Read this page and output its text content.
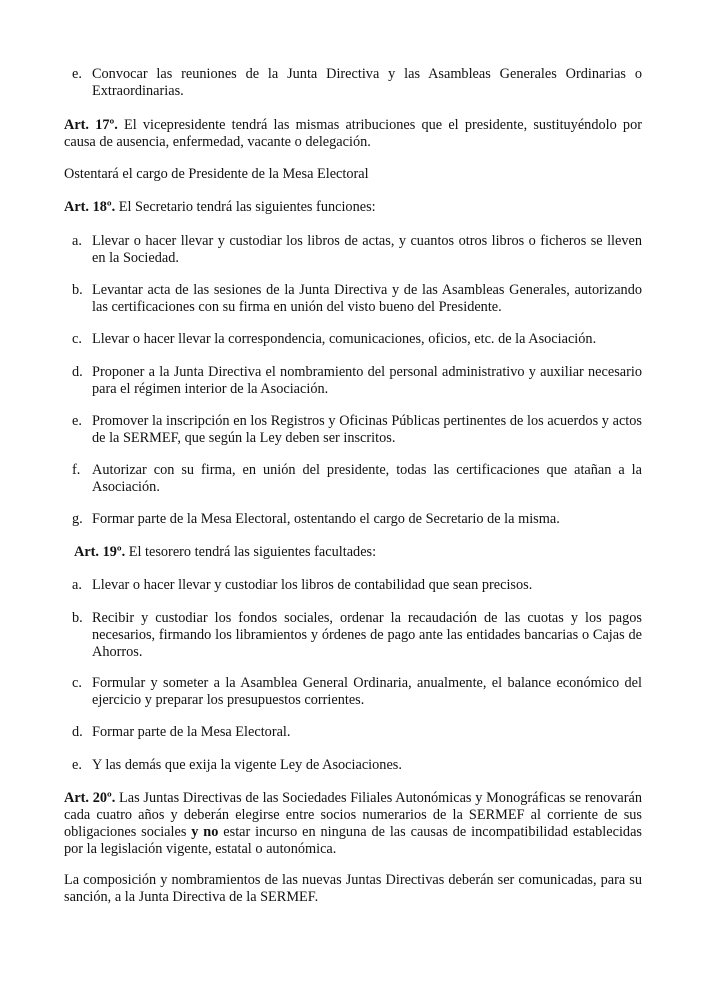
e. Convocar las reuniones de la Junta Directiva y las Asambleas Generales Ordinarias o Extraordinarias.

Art. 17º. El vicepresidente tendrá las mismas atribuciones que el presidente, sustituyéndolo por causa de ausencia, enfermedad, vacante o delegación.

Ostentará el cargo de Presidente de la Mesa Electoral

Art. 18º. El Secretario tendrá las siguientes funciones:

a. Llevar o hacer llevar y custodiar los libros de actas, y cuantos otros libros o ficheros se lleven en la Sociedad.

b. Levantar acta de las sesiones de la Junta Directiva y de las Asambleas Generales, autorizando las certificaciones con su firma en unión del visto bueno del Presidente.

c. Llevar o hacer llevar la correspondencia, comunicaciones, oficios, etc. de la Asociación.

d. Proponer a la Junta Directiva el nombramiento del personal administrativo y auxiliar necesario para el régimen interior de la Asociación.

e. Promover la inscripción en los Registros y Oficinas Públicas pertinentes de los acuerdos y actos de la SERMEF, que según la Ley deben ser inscritos.

f. Autorizar con su firma, en unión del presidente, todas las certificaciones que atañan a la Asociación.

g. Formar parte de la Mesa Electoral, ostentando el cargo de Secretario de la misma.

Art. 19º. El tesorero tendrá las siguientes facultades:

a. Llevar o hacer llevar y custodiar los libros de contabilidad que sean precisos.

b. Recibir y custodiar los fondos sociales, ordenar la recaudación de las cuotas y los pagos necesarios, firmando los libramientos y órdenes de pago ante las entidades bancarias o Cajas de Ahorros.

c. Formular y someter a la Asamblea General Ordinaria, anualmente, el balance económico del ejercicio y preparar los presupuestos corrientes.

d. Formar parte de la Mesa Electoral.

e. Y las demás que exija la vigente Ley de Asociaciones.

Art. 20º. Las Juntas Directivas de las Sociedades Filiales Autonómicas y Monográficas se renovarán cada cuatro años y deberán elegirse entre socios numerarios de la SERMEF al corriente de sus obligaciones sociales y no estar incurso en ninguna de las causas de incompatibilidad establecidas por la legislación vigente, estatal o autonómica.

La composición y nombramientos de las nuevas Juntas Directivas deberán ser comunicadas, para su sanción, a la Junta Directiva de la SERMEF.
